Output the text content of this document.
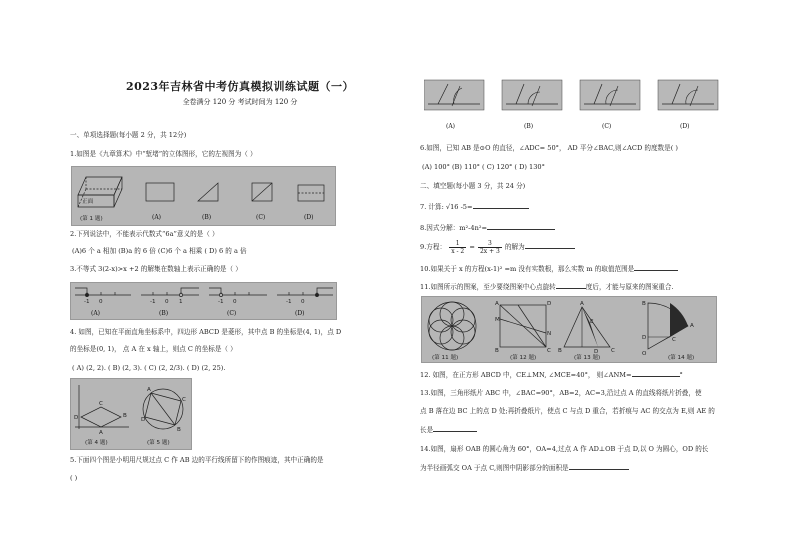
2023年吉林省中考仿真模拟训练试题（一）
全卷满分 120 分 考试时间为 120 分
一、单项选择题(每小题 2 分，共 12分)
1.如图是《九章算术》中“堑堵”的立体图形，它的左视图为（ ）
正面
(第 1 题)	(A)	(B)	(C)	(D)
2.下列说法中，不能表示代数式“6a”意义的是（ ）
(A)6 个 a 相加 (B)a 的 6 倍 (C)6 个 a 相乘 ( D) 6 的 a 倍
3.不等式 3(2-x)>x +2 的解集在数轴上表示正确的是（ ）
-1 0	-1 0 1	-1 0	-1 0
(A)	(B)	(C)	(D)
4. 如图，已知在平面直角坐标系中，四边形 ABCD 是菱形，其中点 B 的坐标是(4, 1)，点 D
的坐标是(0, 1)， 点 A 在 x 轴上，则点 C 的坐标是（ ）
( A) (2, 2). ( B) (2, 3). ( C) (2, 2/3). ( D) (2, 25).
D	B
C
A
(第 4 题)
A
B
C
D
(第 5 题)
5.下面四个图是小明用尺规过点 C 作 AB 边的平行线所留下的作图痕迹，其中正确的是
( )
(A)	(B)	(C)	(D)
6.如图，已知 AB 是⊙O 的直径，∠ADC= 50°， AD 平分∠BAC,则∠ACD 的度数是( )
(A) 100° (B) 110° ( C) 120° ( D) 130°
二、填空题(每小题 3 分，共 24 分)
7. 计算: √16 -5=
8.因式分解：m²-4n²=
9.方程： $\frac{1}{x - 2} = \frac{3}{2x + 3}$ 的解为
10.如果关于 x 的方程(x-1)² =m 没有实数根，那么实数 m 的取值范围是
11.如图所示的图案，至少要绕图案中心点旋转	度后，才能与原来的图案重合.
(第 11 题)
A	D
B	C
M
N
(第 12 题)
A
B	C
D
E
(第 13 题)
B
A
O
D	C
(第 14 题)
12. 如图，在正方形 ABCD 中，CE⊥MN, ∠MCE=40°， 则∠ANM=	°
13.如图，三角形纸片 ABC 中，∠BAC=90°，AB=2，AC=3,沿过点 A 的直线将纸片折叠，使
点 B 落在边 BC 上的点 D 处;再折叠纸片，使点 C 与点 D 重合，若折痕与 AC 的交点为 E,则 AE 的
长是
14.如图，扇形 OAB 的圆心角为 60°，OA=4,过点 A 作 AD⊥OB 于点 D,以 O 为圆心，OD 的长
为半径画弧交 OA 于点 C,则图中阴影部分的面积是
